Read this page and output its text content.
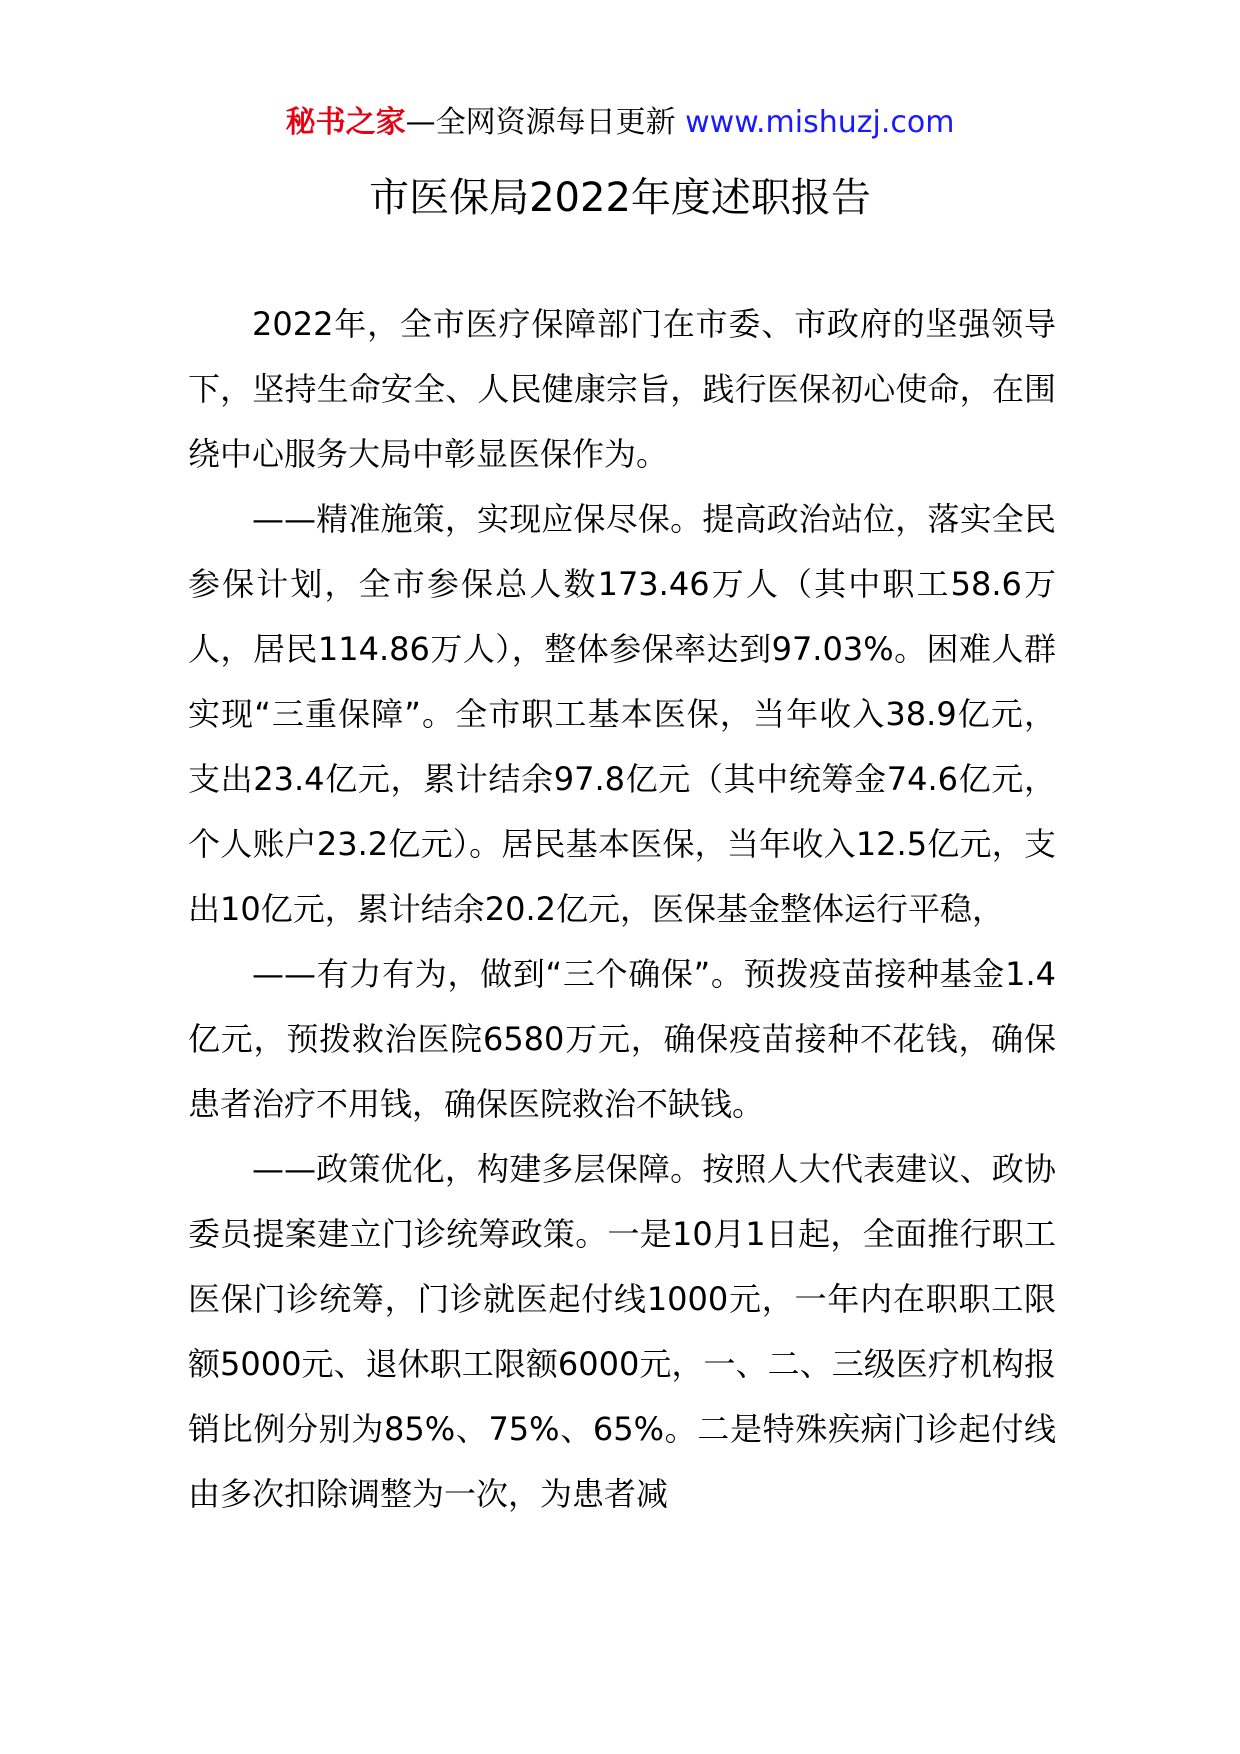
秘书之家—全网资源每日更新 www.mishuzj.com
市医保局2022年度述职报告

2022年，全市医疗保障部门在市委、市政府的坚强领导下，坚持生命安全、人民健康宗旨，践行医保初心使命，在围绕中心服务大局中彰显医保作为。

——精准施策，实现应保尽保。提高政治站位，落实全民参保计划，全市参保总人数173.46万人（其中职工58.6万人，居民114.86万人），整体参保率达到97.03%。困难人群实现“三重保障”。全市职工基本医保，当年收入38.9亿元，支出23.4亿元，累计结余97.8亿元（其中统筹金74.6亿元，个人账户23.2亿元）。居民基本医保，当年收入12.5亿元，支出10亿元，累计结余20.2亿元，医保基金整体运行平稳，

——有力有为，做到“三个确保”。预拨疫苗接种基金1.4亿元，预拨救治医院6580万元，确保疫苗接种不花钱，确保患者治疗不用钱，确保医院救治不缺钱。

——政策优化，构建多层保障。按照人大代表建议、政协委员提案建立门诊统筹政策。一是10月1日起，全面推行职工医保门诊统筹，门诊就医起付线1000元，一年内在职职工限额5000元、退休职工限额6000元，一、二、三级医疗机构报销比例分别为85%、75%、65%。二是特殊疾病门诊起付线由多次扣除调整为一次，为患者减
